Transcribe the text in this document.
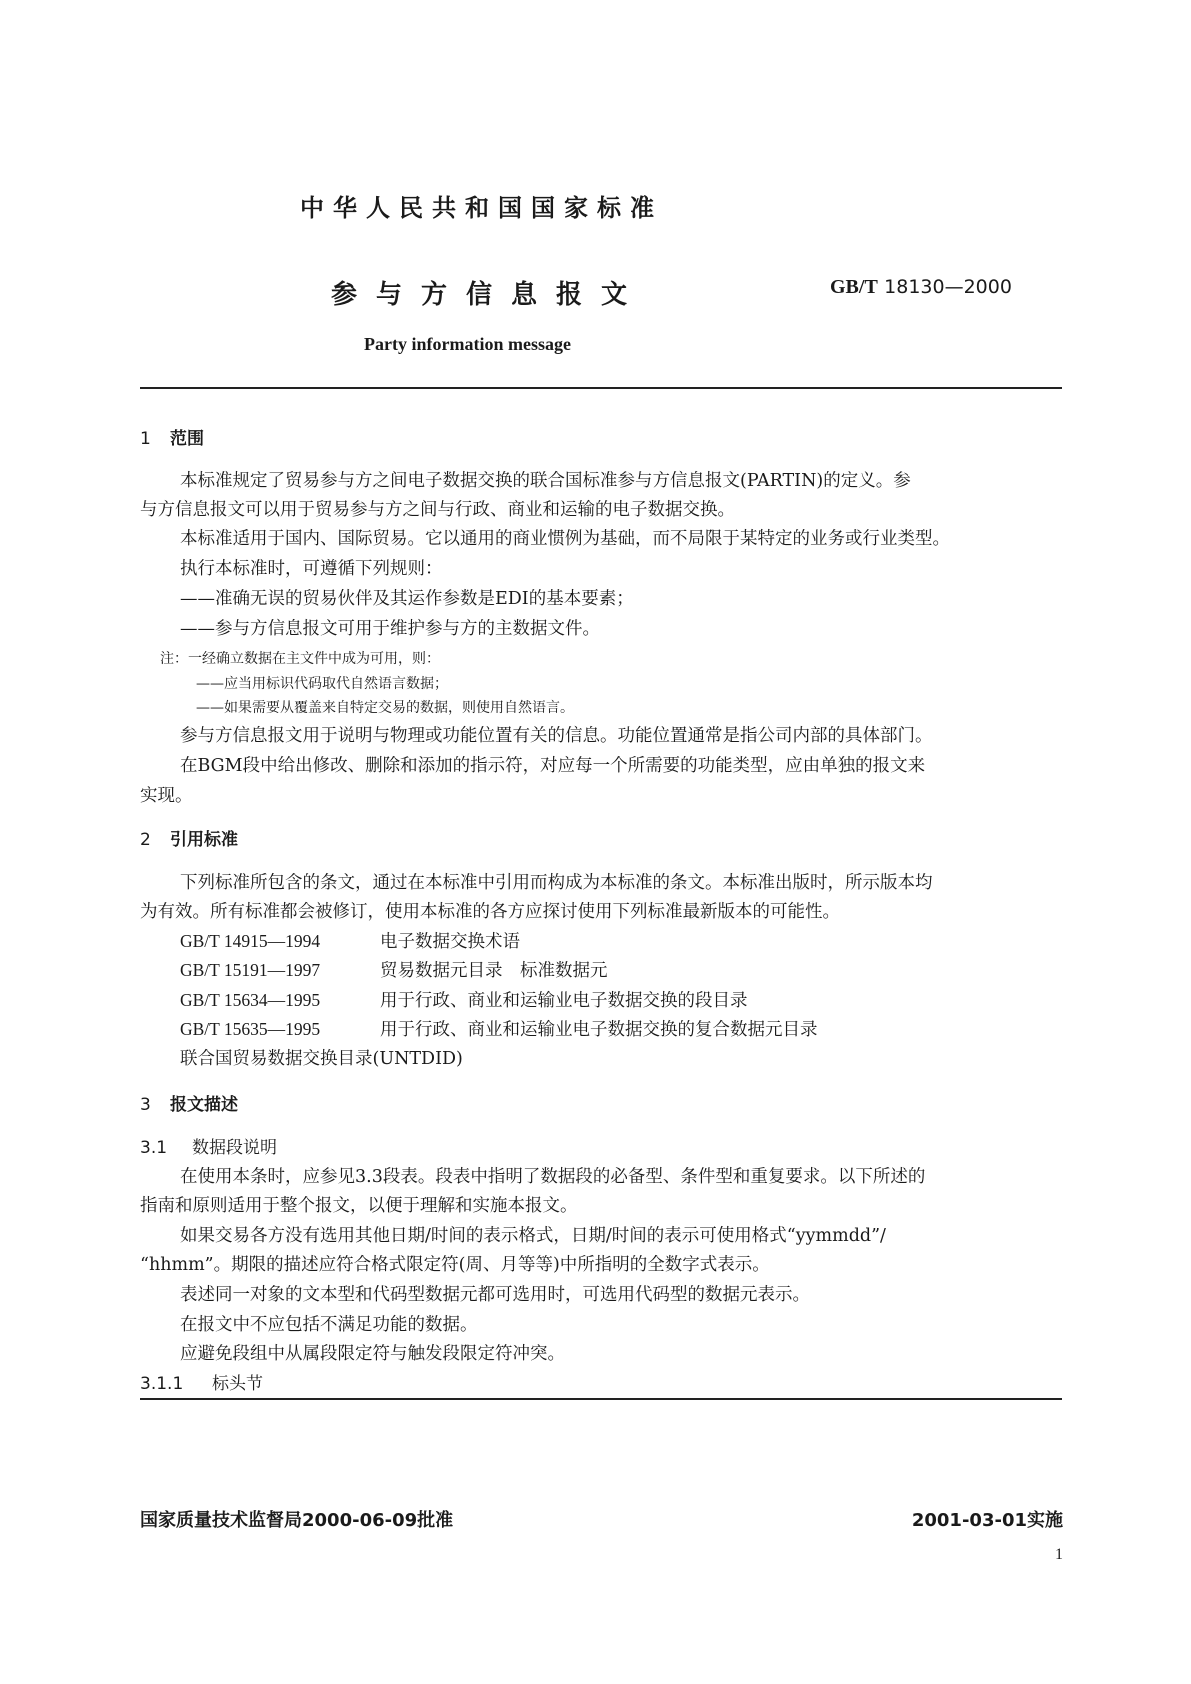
中华人民共和国国家标准
参与方信息报文	GB/T 18130—2000
Party information message
1 范围
本标准规定了贸易参与方之间电子数据交换的联合国标准参与方信息报文(PARTIN)的定义。参
与方信息报文可以用于贸易参与方之间与行政、商业和运输的电子数据交换。
本标准适用于国内、国际贸易。它以通用的商业惯例为基础，而不局限于某特定的业务或行业类型。
执行本标准时，可遵循下列规则：
——准确无误的贸易伙伴及其运作参数是EDI的基本要素；
——参与方信息报文可用于维护参与方的主数据文件。
注：一经确立数据在主文件中成为可用，则：
——应当用标识代码取代自然语言数据；
——如果需要从覆盖来自特定交易的数据，则使用自然语言。
参与方信息报文用于说明与物理或功能位置有关的信息。功能位置通常是指公司内部的具体部门。
在BGM段中给出修改、删除和添加的指示符，对应每一个所需要的功能类型，应由单独的报文来
实现。
2 引用标准
下列标准所包含的条文，通过在本标准中引用而构成为本标准的条文。本标准出版时，所示版本均
为有效。所有标准都会被修订，使用本标准的各方应探讨使用下列标准最新版本的可能性。
GB/T 14915—1994	电子数据交换术语
GB/T 15191—1997	贸易数据元目录　标准数据元
GB/T 15634—1995	用于行政、商业和运输业电子数据交换的段目录
GB/T 15635—1995	用于行政、商业和运输业电子数据交换的复合数据元目录
联合国贸易数据交换目录(UNTDID)
3 报文描述
3.1 数据段说明
在使用本条时，应参见3.3段表。段表中指明了数据段的必备型、条件型和重复要求。以下所述的
指南和原则适用于整个报文，以便于理解和实施本报文。
如果交易各方没有选用其他日期/时间的表示格式，日期/时间的表示可使用格式“yymmdd”/
“hhmm”。期限的描述应符合格式限定符(周、月等等)中所指明的全数字式表示。
表述同一对象的文本型和代码型数据元都可选用时，可选用代码型的数据元表示。
在报文中不应包括不满足功能的数据。
应避免段组中从属段限定符与触发段限定符冲突。
3.1.1 标头节
国家质量技术监督局2000-06-09批准	2001-03-01实施
1
